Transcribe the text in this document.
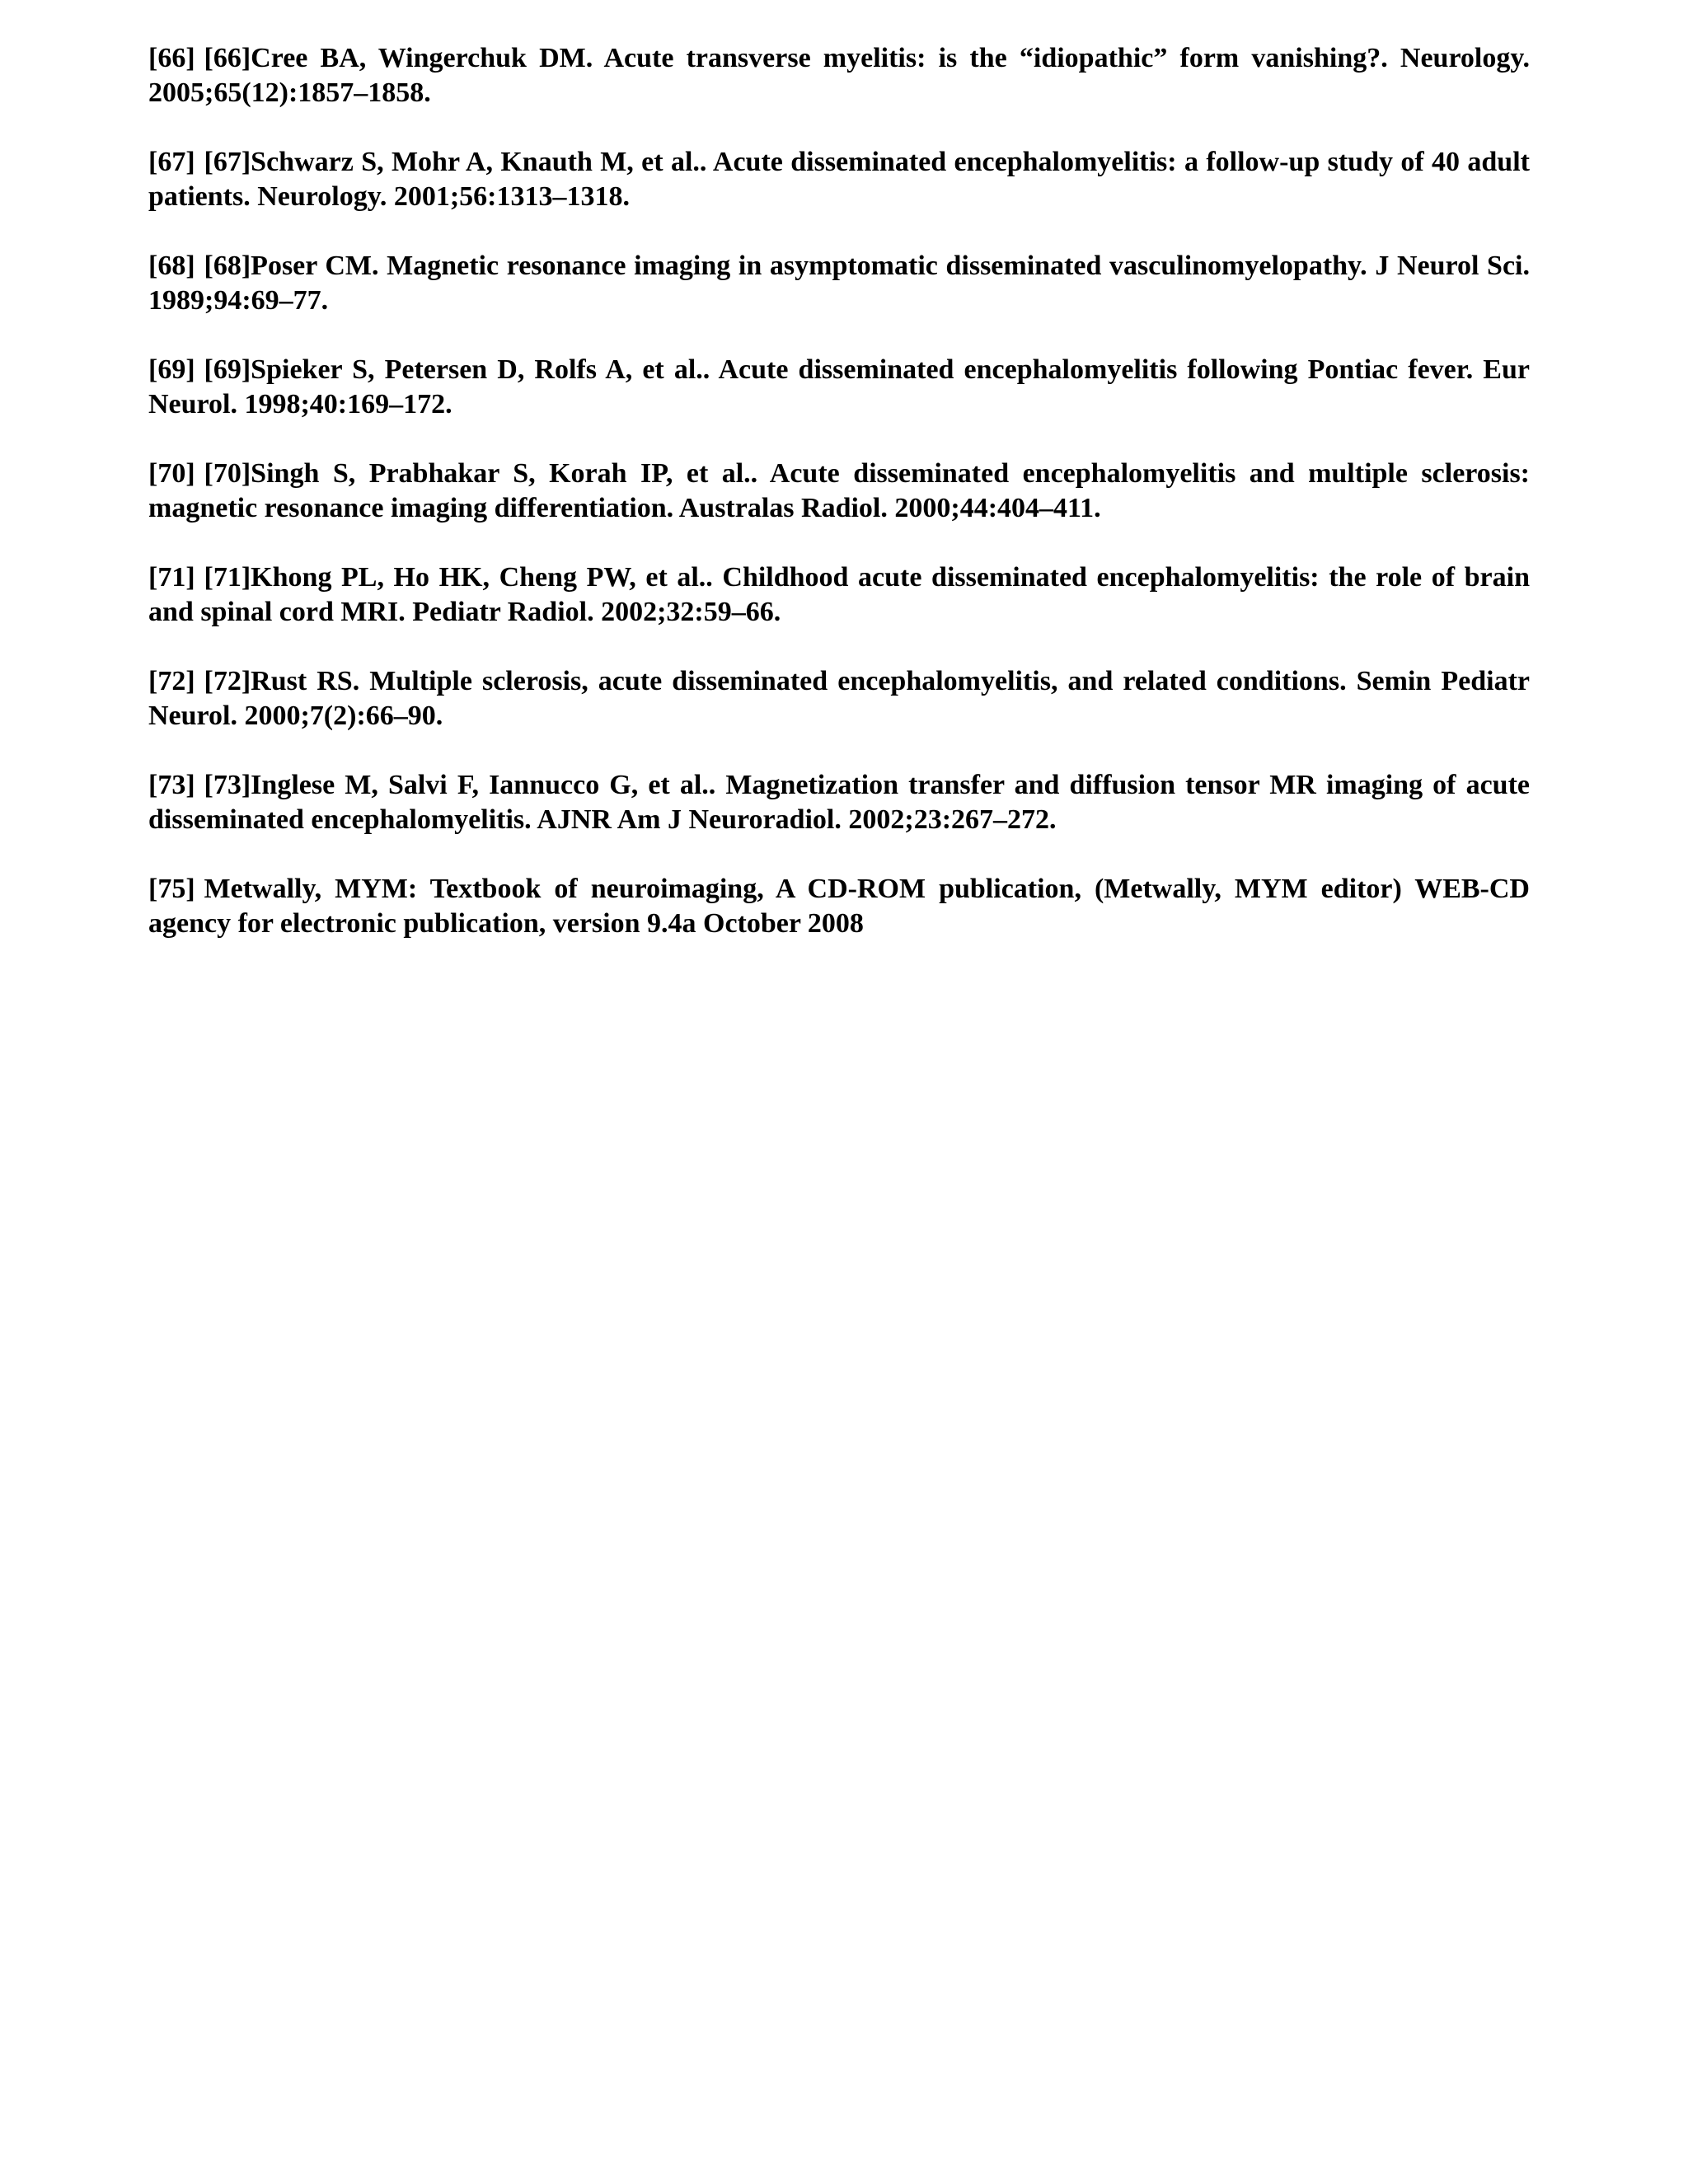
[66] [66]Cree BA, Wingerchuk DM. Acute transverse myelitis: is the “idiopathic” form vanishing?. Neurology. 2005;65(12):1857–1858.

[67] [67]Schwarz S, Mohr A, Knauth M, et al.. Acute disseminated encephalomyelitis: a follow-up study of 40 adult patients. Neurology. 2001;56:1313–1318.

[68] [68]Poser CM. Magnetic resonance imaging in asymptomatic disseminated vasculinomyelopathy. J Neurol Sci. 1989;94:69–77.

[69] [69]Spieker S, Petersen D, Rolfs A, et al.. Acute disseminated encephalomyelitis following Pontiac fever. Eur Neurol. 1998;40:169–172.

[70] [70]Singh S, Prabhakar S, Korah IP, et al.. Acute disseminated encephalomyelitis and multiple sclerosis: magnetic resonance imaging differentiation. Australas Radiol. 2000;44:404–411.

[71] [71]Khong PL, Ho HK, Cheng PW, et al.. Childhood acute disseminated encephalomyelitis: the role of brain and spinal cord MRI. Pediatr Radiol. 2002;32:59–66.

[72] [72]Rust RS. Multiple sclerosis, acute disseminated encephalomyelitis, and related conditions. Semin Pediatr Neurol. 2000;7(2):66–90.

[73] [73]Inglese M, Salvi F, Iannucco G, et al.. Magnetization transfer and diffusion tensor MR imaging of acute disseminated encephalomyelitis. AJNR Am J Neuroradiol. 2002;23:267–272.

[75] Metwally, MYM: Textbook of neuroimaging, A CD-ROM publication, (Metwally, MYM editor) WEB-CD agency for electronic publication, version 9.4a October 2008
